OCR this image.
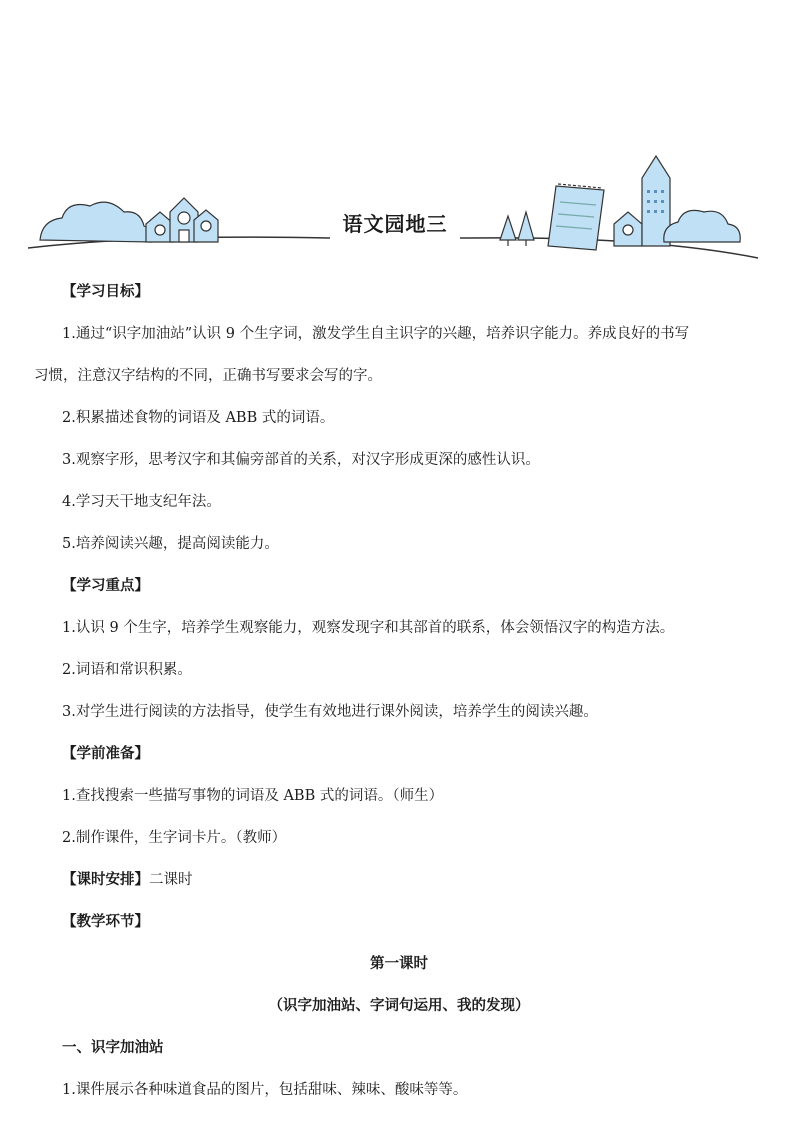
语文园地三
【学习目标】
1.通过“识字加油站”认识 9 个生字词，激发学生自主识字的兴趣，培养识字能力。养成良好的书写
习惯，注意汉字结构的不同，正确书写要求会写的字。
2.积累描述食物的词语及 ABB 式的词语。
3.观察字形，思考汉字和其偏旁部首的关系，对汉字形成更深的感性认识。
4.学习天干地支纪年法。
5.培养阅读兴趣，提高阅读能力。
【学习重点】
1.认识 9 个生字，培养学生观察能力，观察发现字和其部首的联系，体会领悟汉字的构造方法。
2.词语和常识积累。
3.对学生进行阅读的方法指导，使学生有效地进行课外阅读，培养学生的阅读兴趣。
【学前准备】
1.查找搜索一些描写事物的词语及 ABB 式的词语。（师生）
2.制作课件，生字词卡片。（教师）
【课时安排】二课时
【教学环节】
第一课时
（识字加油站、字词句运用、我的发现）
一、识字加油站
1.课件展示各种味道食品的图片，包括甜味、辣味、酸味等等。
